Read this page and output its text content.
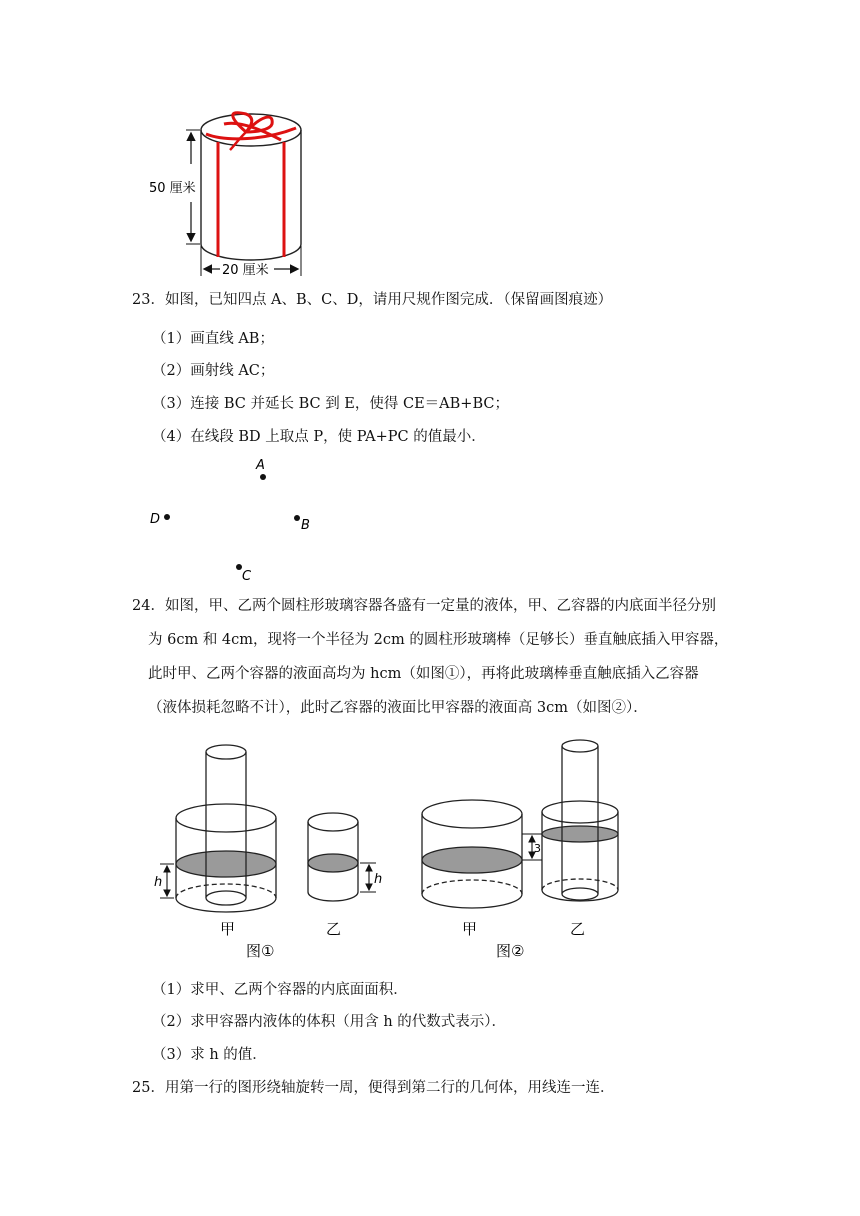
50 厘米
20 厘米
23．如图，已知四点 A、B、C、D，请用尺规作图完成．（保留画图痕迹）
（1）画直线 AB；
（2）画射线 AC；
（3）连接 BC 并延长 BC 到 E，使得 CE＝AB+BC；
（4）在线段 BD 上取点 P，使 PA+PC 的值最小．
A
B
C
D
24．如图，甲、乙两个圆柱形玻璃容器各盛有一定量的液体，甲、乙容器的内底面半径分别
为 6cm 和 4cm，现将一个半径为 2cm 的圆柱形玻璃棒（足够长）垂直触底插入甲容器，
此时甲、乙两个容器的液面高均为 hcm（如图①），再将此玻璃棒垂直触底插入乙容器
（液体损耗忽略不计），此时乙容器的液面比甲容器的液面高 3cm（如图②）．
h	h
3
甲	乙
图①
甲	乙
图②
（1）求甲、乙两个容器的内底面面积．
（2）求甲容器内液体的体积（用含 h 的代数式表示）．
（3）求 h 的值．
25．用第一行的图形绕轴旋转一周，便得到第二行的几何体，用线连一连．
